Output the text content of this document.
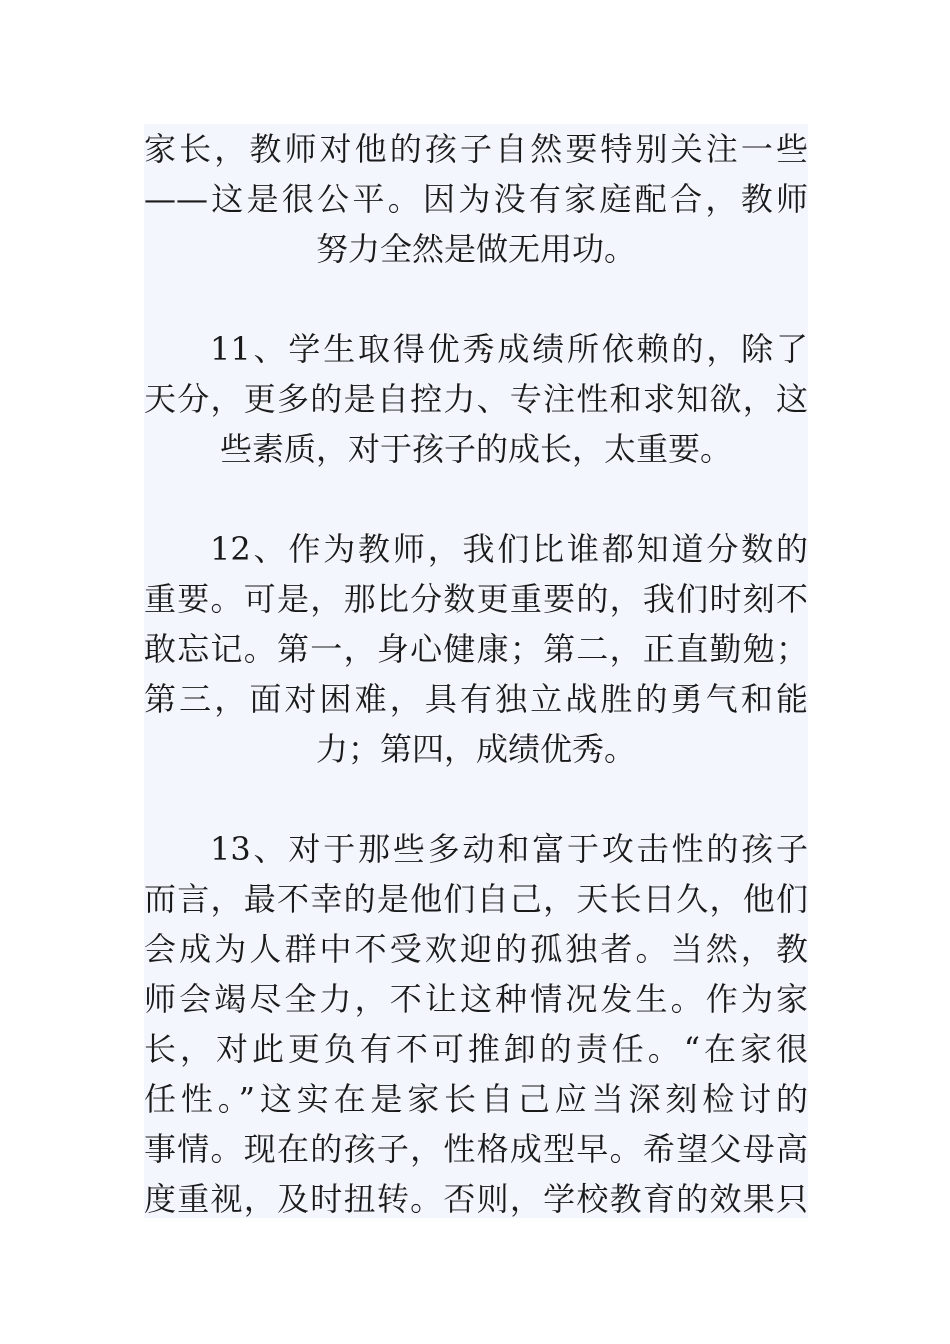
家长，教师对他的孩子自然要特别关注一些
——这是很公平。因为没有家庭配合，教师
努力全然是做无用功。
11、学生取得优秀成绩所依赖的，除了
天分，更多的是自控力、专注性和求知欲，这
些素质，对于孩子的成长，太重要。
12、作为教师，我们比谁都知道分数的
重要。可是，那比分数更重要的，我们时刻不
敢忘记。第一，身心健康；第二，正直勤勉；
第三，面对困难，具有独立战胜的勇气和能
力；第四，成绩优秀。
13、对于那些多动和富于攻击性的孩子
而言，最不幸的是他们自己，天长日久，他们
会成为人群中不受欢迎的孤独者。当然，教
师会竭尽全力，不让这种情况发生。作为家
长，对此更负有不可推卸的责任。“在家很
任性。”这实在是家长自己应当深刻检讨的
事情。现在的孩子，性格成型早。希望父母高
度重视，及时扭转。否则，学校教育的效果只
